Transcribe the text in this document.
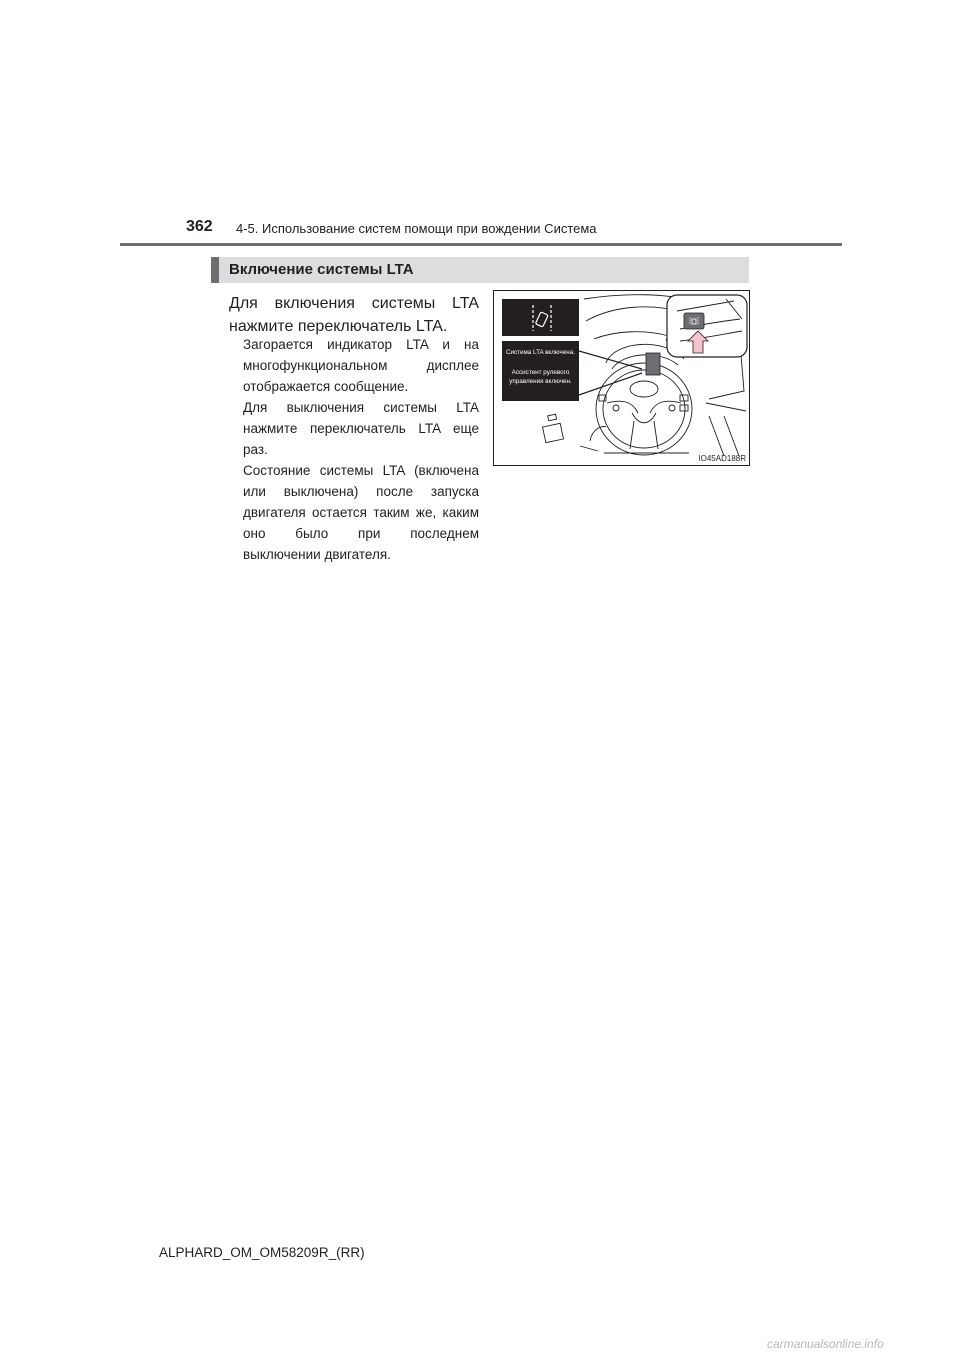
362 4-5. Использование систем помощи при вождении Система
Включение системы LTA
Для включения системы LTA
нажмите переключатель LTA.
Загорается индикатор LTA и на
многофункциональном дисплее
отображается сообщение.
Для выключения системы LTA
нажмите переключатель LTA еще
раз.
Состояние системы LTA (включена
или выключена) после запуска
двигателя остается таким же, каким
оно было при последнем
выключении двигателя.
Система LTA включена.
Ассистент рулевого управления включен.
IO45AD188R
ALPHARD_OM_OM58209R_(RR)
carmanualsonline.info
